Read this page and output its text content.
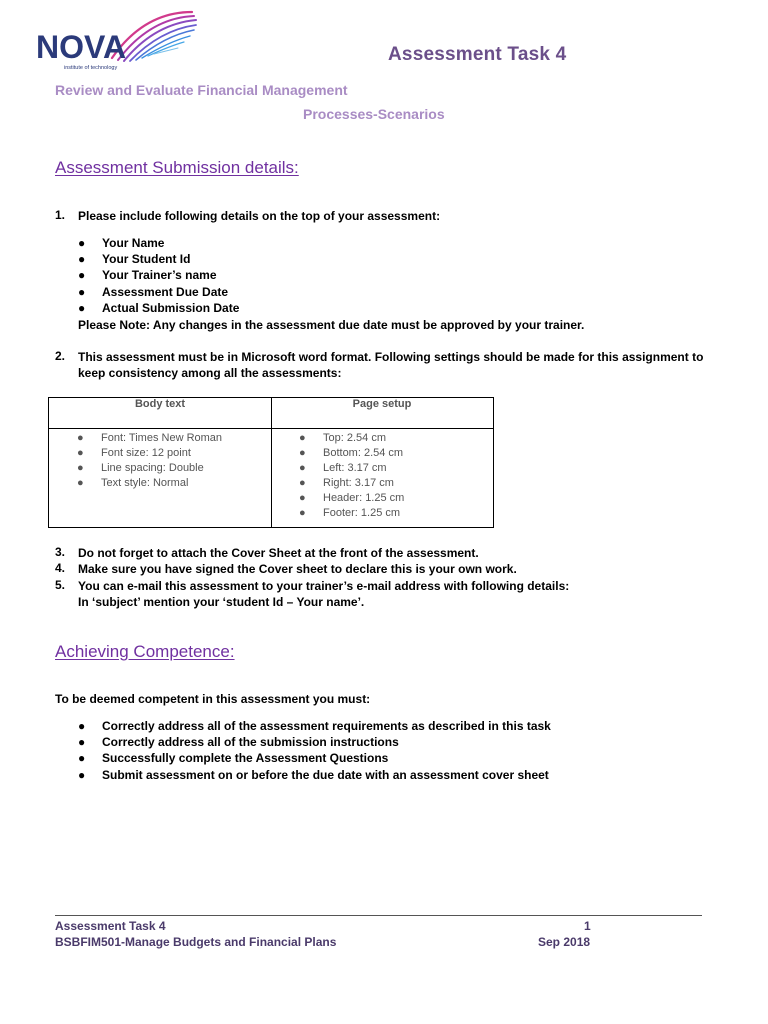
NOVA
institute of technology
Assessment Task 4
Review and Evaluate Financial Management
Processes-Scenarios
Assessment Submission details:
1. Please include following details on the top of your assessment:
● Your Name
● Your Student Id
● Your Trainer’s name
● Assessment Due Date
● Actual Submission Date
Please Note: Any changes in the assessment due date must be approved by your trainer.
2. This assessment must be in Microsoft word format. Following settings should be made for this assignment to
keep consistency among all the assessments:
Body text	Page setup
● Font: Times New Roman
● Font size: 12 point
● Line spacing: Double
● Text style: Normal
● Top: 2.54 cm
● Bottom: 2.54 cm
● Left: 3.17 cm
● Right: 3.17 cm
● Header: 1.25 cm
● Footer: 1.25 cm
3. Do not forget to attach the Cover Sheet at the front of the assessment.
4. Make sure you have signed the Cover sheet to declare this is your own work.
5. You can e-mail this assessment to your trainer’s e-mail address with following details:
In ‘subject’ mention your ‘student Id – Your name’.
Achieving Competence:
To be deemed competent in this assessment you must:
● Correctly address all of the assessment requirements as described in this task
● Correctly address all of the submission instructions
● Successfully complete the Assessment Questions
● Submit assessment on or before the due date with an assessment cover sheet
Assessment Task 4
BSBFIM501-Manage Budgets and Financial Plans
1
Sep 2018
